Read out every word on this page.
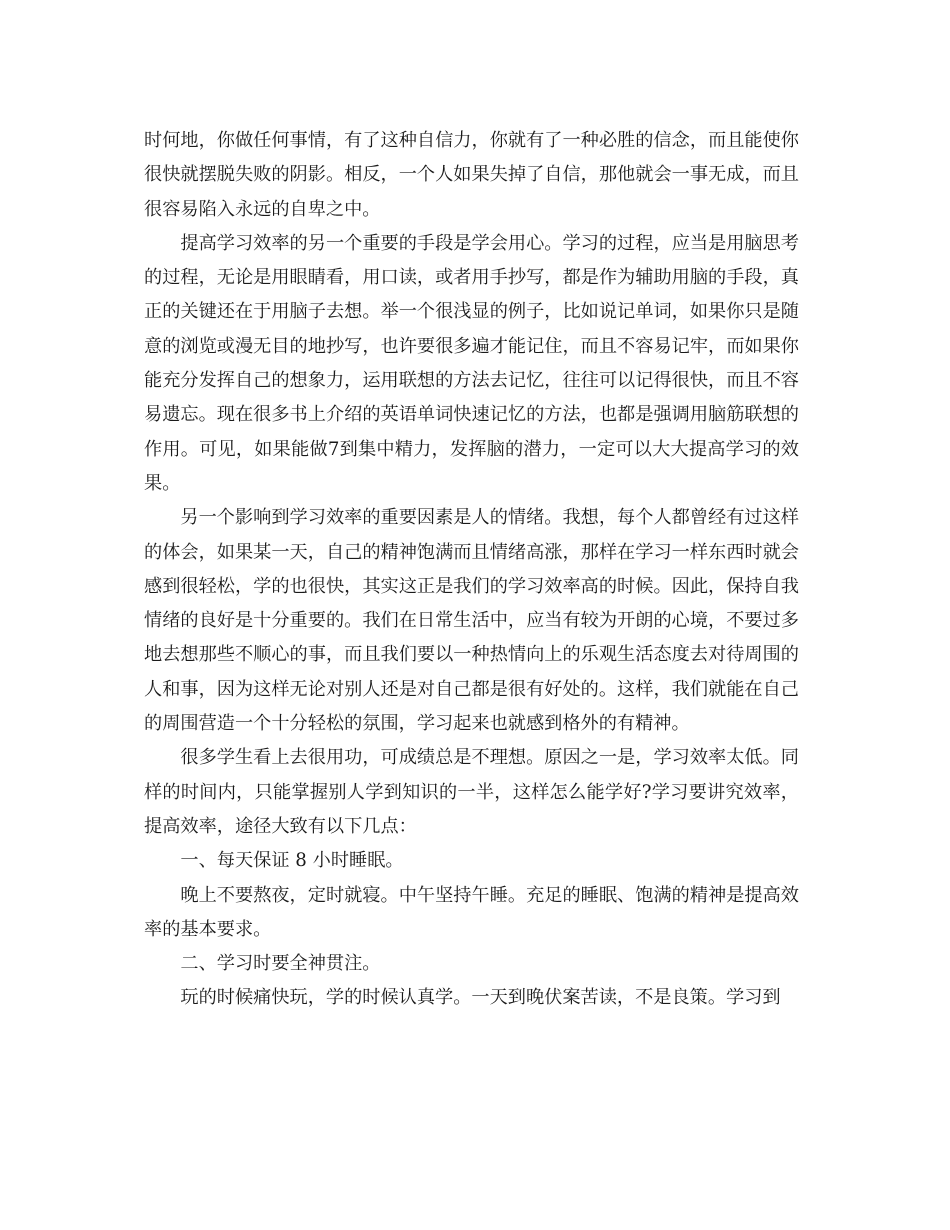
时何地，你做任何事情，有了这种自信力，你就有了一种必胜的信念，而且能使你很快就摆脱失败的阴影。相反，一个人如果失掉了自信，那他就会一事无成，而且很容易陷入永远的自卑之中。

提高学习效率的另一个重要的手段是学会用心。学习的过程，应当是用脑思考的过程，无论是用眼睛看，用口读，或者用手抄写，都是作为辅助用脑的手段，真正的关键还在于用脑子去想。举一个很浅显的例子，比如说记单词，如果你只是随意的浏览或漫无目的地抄写，也许要很多遍才能记住，而且不容易记牢，而如果你能充分发挥自己的想象力，运用联想的方法去记忆，往往可以记得很快，而且不容易遗忘。现在很多书上介绍的英语单词快速记忆的方法，也都是强调用脑筋联想的作用。可见，如果能做7到集中精力，发挥脑的潜力，一定可以大大提高学习的效果。

另一个影响到学习效率的重要因素是人的情绪。我想，每个人都曾经有过这样的体会，如果某一天，自己的精神饱满而且情绪高涨，那样在学习一样东西时就会感到很轻松，学的也很快，其实这正是我们的学习效率高的时候。因此，保持自我情绪的良好是十分重要的。我们在日常生活中，应当有较为开朗的心境，不要过多地去想那些不顺心的事，而且我们要以一种热情向上的乐观生活态度去对待周围的人和事，因为这样无论对别人还是对自己都是很有好处的。这样，我们就能在自己的周围营造一个十分轻松的氛围，学习起来也就感到格外的有精神。

很多学生看上去很用功，可成绩总是不理想。原因之一是，学习效率太低。同样的时间内，只能掌握别人学到知识的一半，这样怎么能学好?学习要讲究效率，提高效率，途径大致有以下几点：

一、每天保证 8 小时睡眠。

晚上不要熬夜，定时就寝。中午坚持午睡。充足的睡眠、饱满的精神是提高效率的基本要求。

二、学习时要全神贯注。

玩的时候痛快玩，学的时候认真学。一天到晚伏案苦读，不是良策。学习到
